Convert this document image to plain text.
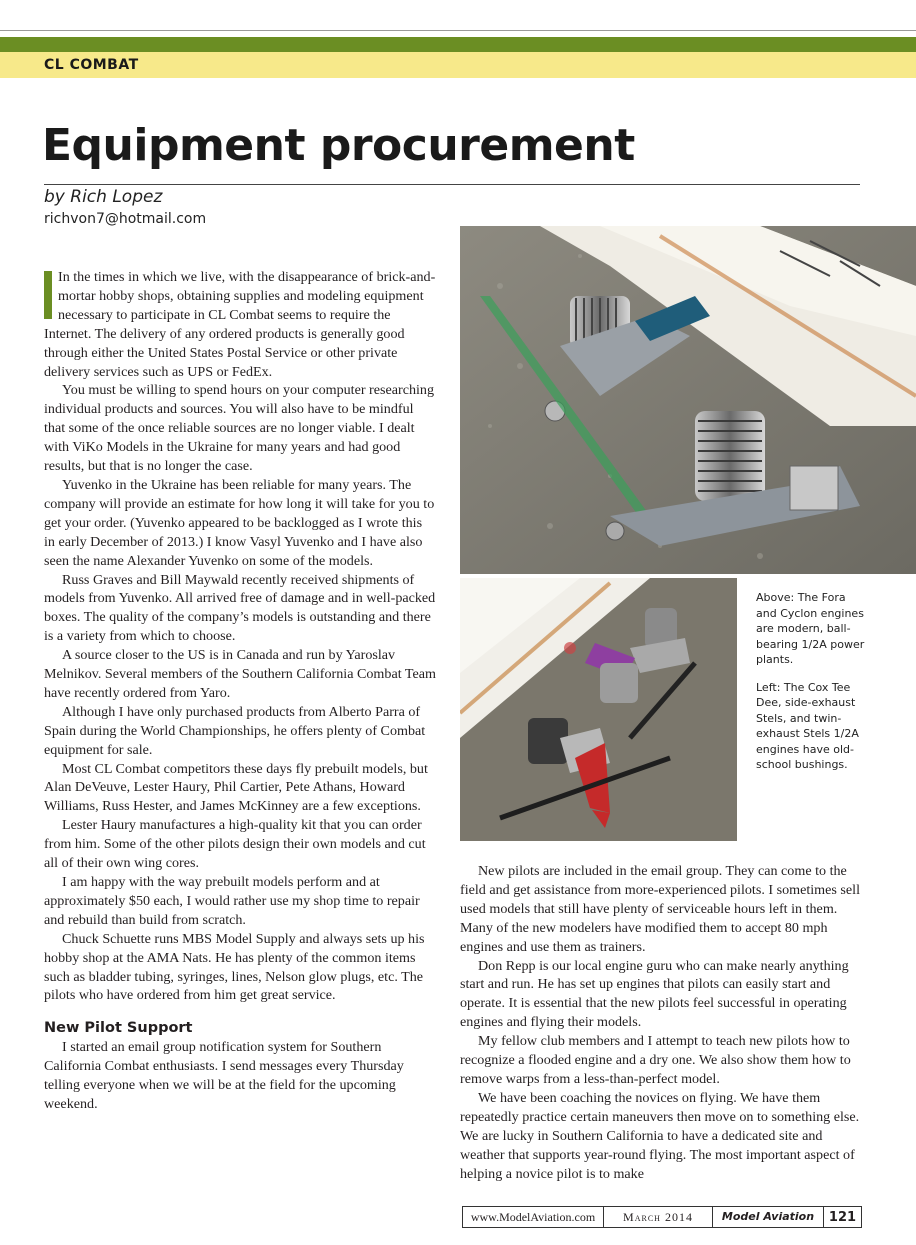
CL COMBAT
Equipment procurement
by Rich Lopez
richvon7@hotmail.com

In the times in which we live, with the disappearance of brick-and-mortar hobby shops, obtaining supplies and modeling equipment necessary to participate in CL Combat seems to require the Internet. The delivery of any ordered products is generally good through either the United States Postal Service or other private delivery services such as UPS or FedEx.

You must be willing to spend hours on your computer researching individual products and sources. You will also have to be mindful that some of the once reliable sources are no longer viable. I dealt with ViKo Models in the Ukraine for many years and had good results, but that is no longer the case.

Yuvenko in the Ukraine has been reliable for many years. The company will provide an estimate for how long it will take for you to get your order. (Yuvenko appeared to be backlogged as I wrote this in early December of 2013.) I know Vasyl Yuvenko and I have also seen the name Alexander Yuvenko on some of the models.

Russ Graves and Bill Maywald recently received shipments of models from Yuvenko. All arrived free of damage and in well-packed boxes. The quality of the company’s models is outstanding and there is a variety from which to choose.

A source closer to the US is in Canada and run by Yaroslav Melnikov. Several members of the Southern California Combat Team have recently ordered from Yaro.

Although I have only purchased products from Alberto Parra of Spain during the World Championships, he offers plenty of Combat equipment for sale.

Most CL Combat competitors these days fly prebuilt models, but Alan DeVeuve, Lester Haury, Phil Cartier, Pete Athans, Howard Williams, Russ Hester, and James McKinney are a few exceptions.

Lester Haury manufactures a high-quality kit that you can order from him. Some of the other pilots design their own models and cut all of their own wing cores.

I am happy with the way prebuilt models perform and at approximately $50 each, I would rather use my shop time to repair and rebuild than build from scratch.

Chuck Schuette runs MBS Model Supply and always sets up his hobby shop at the AMA Nats. He has plenty of the common items such as bladder tubing, syringes, lines, Nelson glow plugs, etc. The pilots who have ordered from him get great service.

New Pilot Support

I started an email group notification system for Southern California Combat enthusiasts. I send messages every Thursday telling everyone when we will be at the field for the upcoming weekend.

Above: The Fora and Cyclon engines are modern, ball-bearing 1/2A power plants.

Left: The Cox Tee Dee, side-exhaust Stels, and twin-exhaust Stels 1/2A engines have old-school bushings.

New pilots are included in the email group. They can come to the field and get assistance from more-experienced pilots. I sometimes sell used models that still have plenty of serviceable hours left in them. Many of the new modelers have modified them to accept 80 mph engines and use them as trainers.

Don Repp is our local engine guru who can make nearly anything start and run. He has set up engines that pilots can easily start and operate. It is essential that the new pilots feel successful in operating engines and flying their models.

My fellow club members and I attempt to teach new pilots how to recognize a flooded engine and a dry one. We also show them how to remove warps from a less-than-perfect model.

We have been coaching the novices on flying. We have them repeatedly practice certain maneuvers then move on to something else. We are lucky in Southern California to have a dedicated site and weather that supports year-round flying. The most important aspect of helping a novice pilot is to make

www.ModelAviation.com	March 2014	Model Aviation	121
